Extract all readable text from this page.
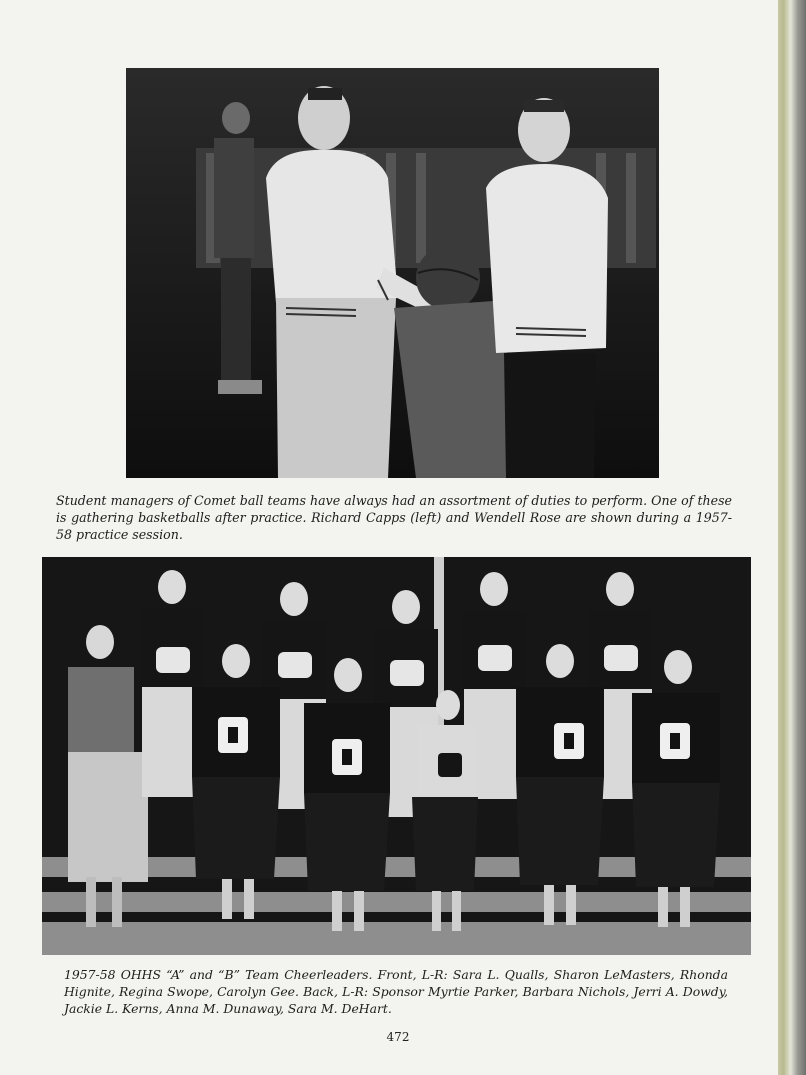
Student managers of Comet ball teams have always had an assortment of duties to perform. One of these is gathering basketballs after practice. Richard Capps (left) and Wendell Rose are shown during a 1957-58 practice session.

1957-58 OHHS “A” and “B” Team Cheerleaders. Front, L-R: Sara L. Qualls, Sharon LeMasters, Rhonda Hignite, Regina Swope, Carolyn Gee. Back, L-R: Sponsor Myrtie Parker, Barbara Nichols, Jerri A. Dowdy, Jackie L. Kerns, Anna M. Dunaway, Sara M. DeHart.

472
